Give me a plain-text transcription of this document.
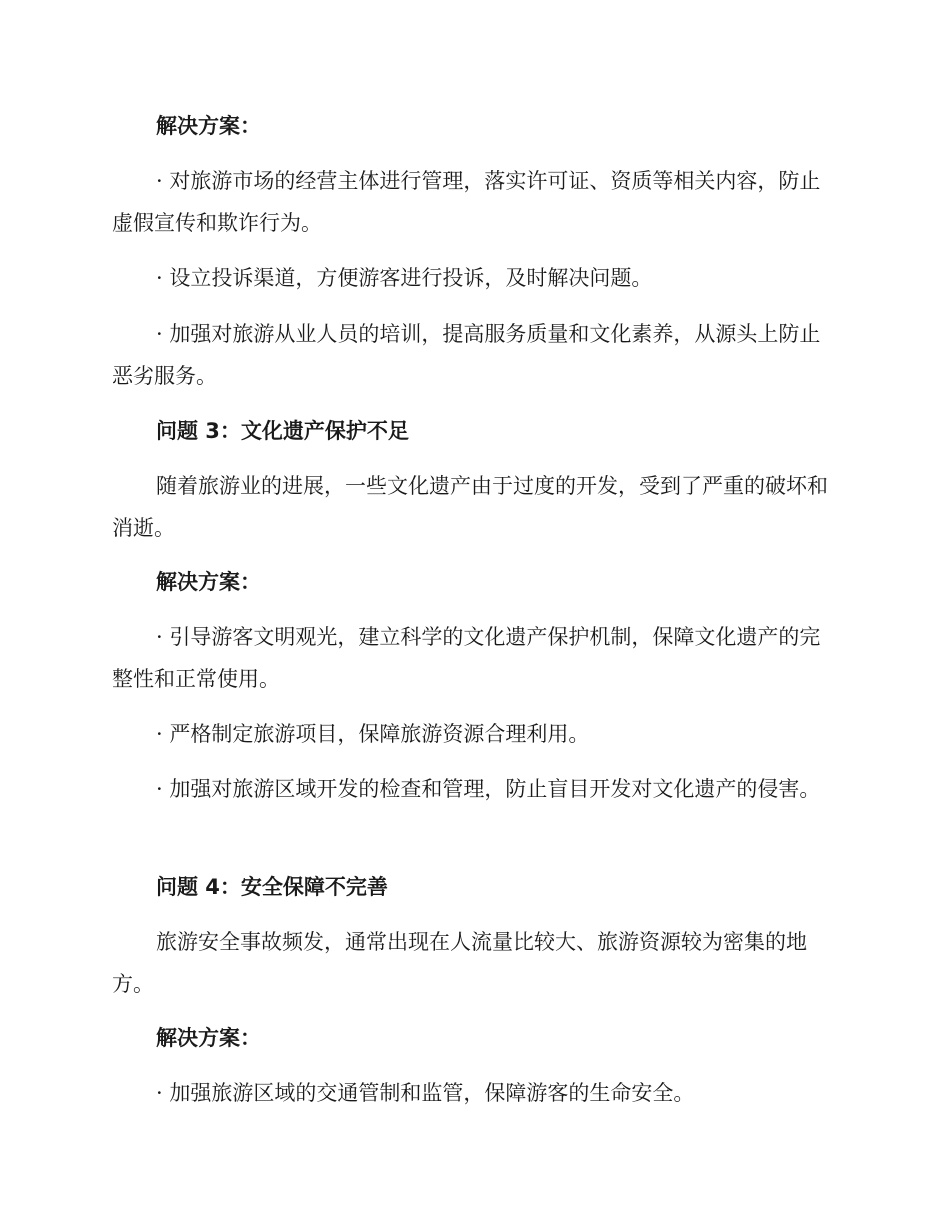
解决方案：

· 对旅游市场的经营主体进行管理，落实许可证、资质等相关内容，防止虚假宣传和欺诈行为。

· 设立投诉渠道，方便游客进行投诉，及时解决问题。

· 加强对旅游从业人员的培训，提高服务质量和文化素养，从源头上防止恶劣服务。

问题 3：文化遗产保护不足

随着旅游业的进展，一些文化遗产由于过度的开发，受到了严重的破坏和消逝。

解决方案：

· 引导游客文明观光，建立科学的文化遗产保护机制，保障文化遗产的完整性和正常使用。

· 严格制定旅游项目，保障旅游资源合理利用。

· 加强对旅游区域开发的检查和管理，防止盲目开发对文化遗产的侵害。

问题 4：安全保障不完善

旅游安全事故频发，通常出现在人流量比较大、旅游资源较为密集的地方。

解决方案：

· 加强旅游区域的交通管制和监管，保障游客的生命安全。
